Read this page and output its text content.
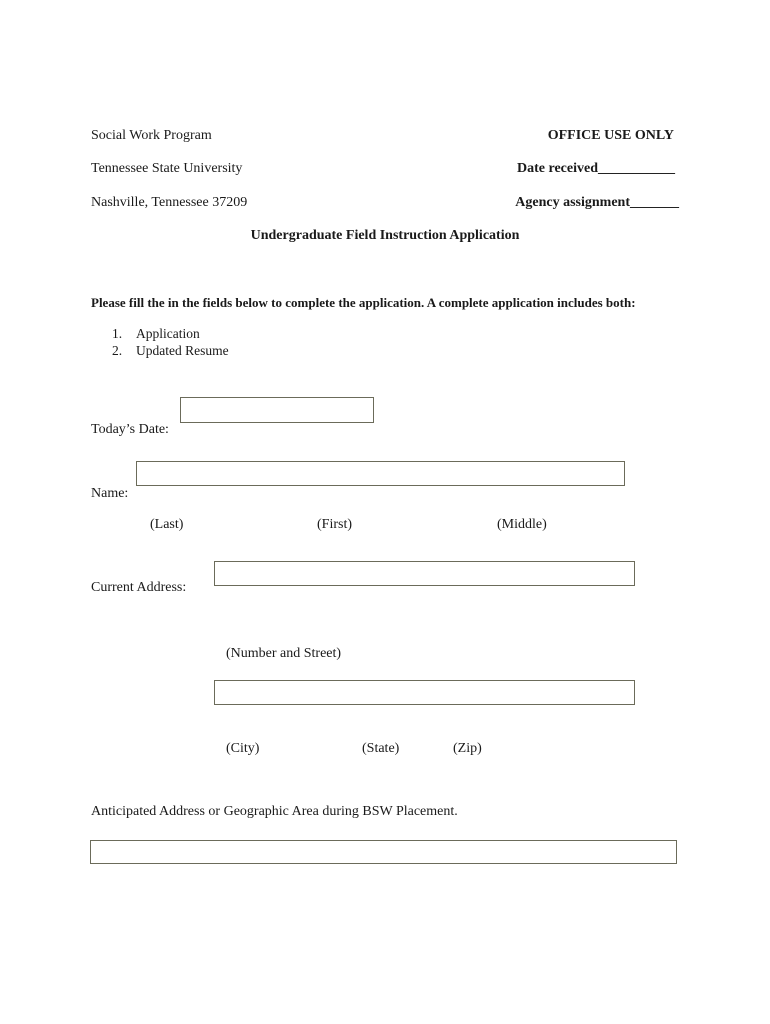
Social Work Program
Tennessee State University
Nashville, Tennessee 37209
OFFICE USE ONLY
Date received___________
Agency assignment_______
Undergraduate Field Instruction Application
Please fill the in the fields below to complete the application. A complete application includes both:
1. Application
2. Updated Resume
Today’s Date:
Name:
(Last)	(First)	(Middle)
Current Address:
(Number and Street)
(City)	(State)	(Zip)
Anticipated Address or Geographic Area during BSW Placement.
